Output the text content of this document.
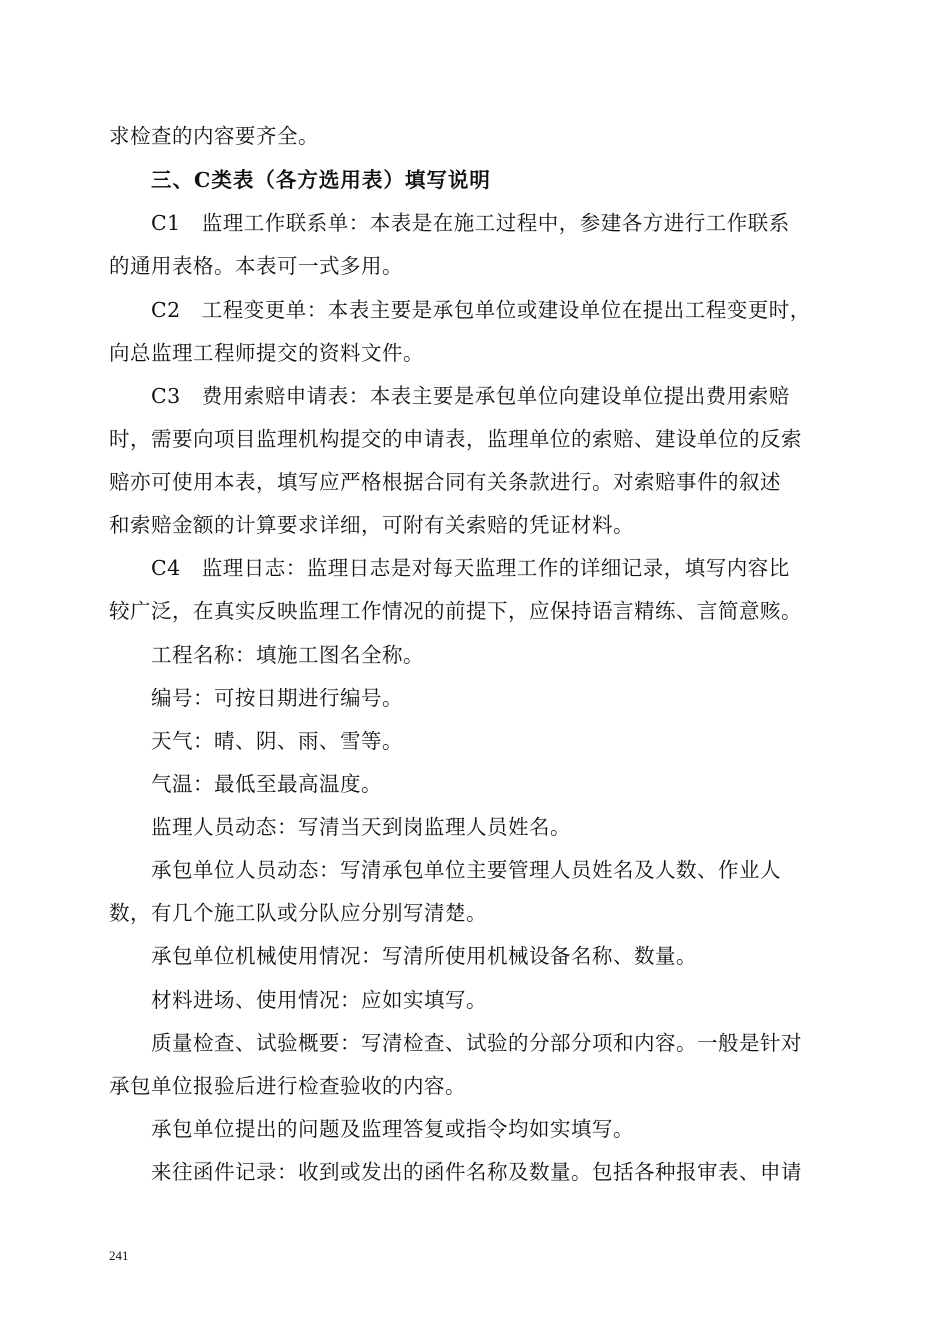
求检查的内容要齐全。
三、C类表（各方选用表）填写说明
C1　监理工作联系单：本表是在施工过程中，参建各方进行工作联系
的通用表格。本表可一式多用。
C2　工程变更单：本表主要是承包单位或建设单位在提出工程变更时，
向总监理工程师提交的资料文件。
C3　费用索赔申请表：本表主要是承包单位向建设单位提出费用索赔
时，需要向项目监理机构提交的申请表，监理单位的索赔、建设单位的反索
赔亦可使用本表，填写应严格根据合同有关条款进行。对索赔事件的叙述
和索赔金额的计算要求详细，可附有关索赔的凭证材料。
C4　监理日志：监理日志是对每天监理工作的详细记录，填写内容比
较广泛，在真实反映监理工作情况的前提下，应保持语言精练、言简意赅。
工程名称：填施工图名全称。
编号：可按日期进行编号。
天气：晴、阴、雨、雪等。
气温：最低至最高温度。
监理人员动态：写清当天到岗监理人员姓名。
承包单位人员动态：写清承包单位主要管理人员姓名及人数、作业人
数，有几个施工队或分队应分别写清楚。
承包单位机械使用情况：写清所使用机械设备名称、数量。
材料进场、使用情况：应如实填写。
质量检查、试验概要：写清检查、试验的分部分项和内容。一般是针对
承包单位报验后进行检查验收的内容。
承包单位提出的问题及监理答复或指令均如实填写。
来往函件记录：收到或发出的函件名称及数量。包括各种报审表、申请
241
